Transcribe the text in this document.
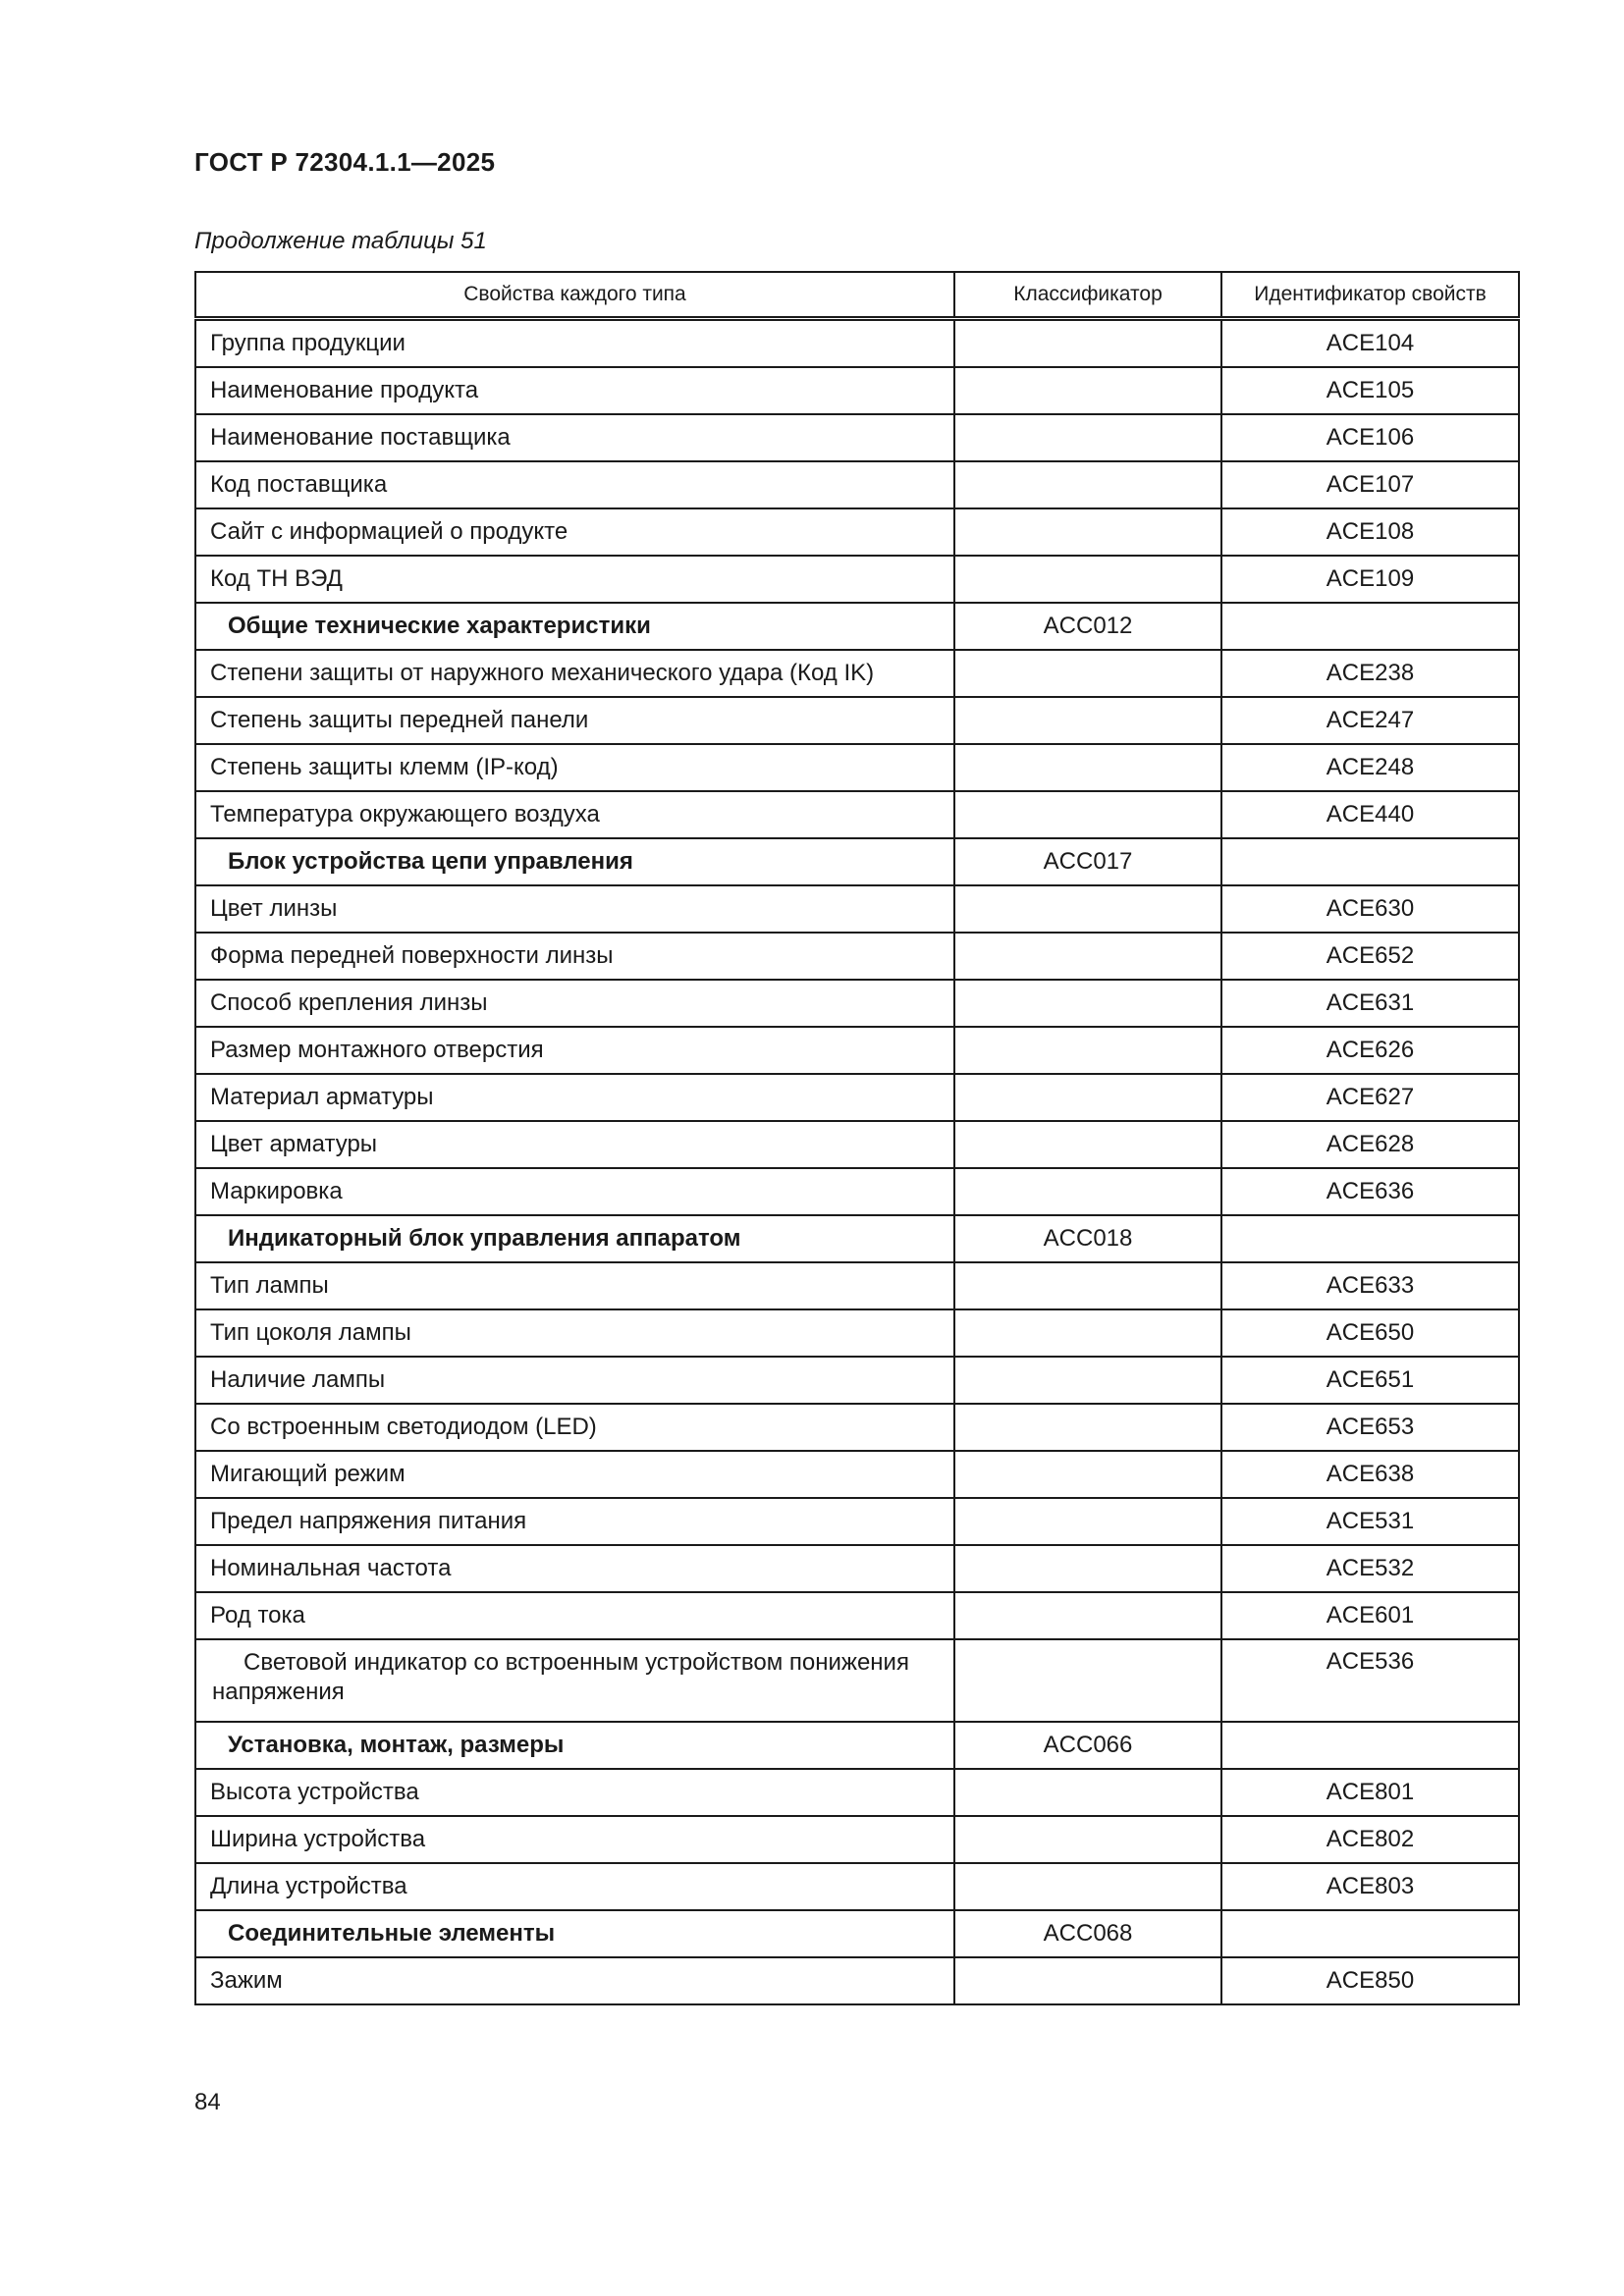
ГОСТ Р 72304.1.1—2025
Продолжение таблицы 51
Свойства каждого типа	Классификатор	Идентификатор свойств
Группа продукции		ACE104
Наименование продукта		ACE105
Наименование поставщика		ACE106
Код поставщика		ACE107
Сайт с информацией о продукте		ACE108
Код ТН ВЭД		ACE109
Общие технические характеристики	ACC012	
Степени защиты от наружного механического удара (Код IK)		ACE238
Степень защиты передней панели		ACE247
Степень защиты клемм (IP-код)		ACE248
Температура окружающего воздуха		ACE440
Блок устройства цепи управления	ACC017	
Цвет линзы		ACE630
Форма передней поверхности линзы		ACE652
Способ крепления линзы		ACE631
Размер монтажного отверстия		ACE626
Материал арматуры		ACE627
Цвет арматуры		ACE628
Маркировка		ACE636
Индикаторный блок управления аппаратом	ACC018	
Тип лампы		ACE633
Тип цоколя лампы		ACE650
Наличие лампы		ACE651
Со встроенным светодиодом (LED)		ACE653
Мигающий режим		ACE638
Предел напряжения питания		ACE531
Номинальная частота		ACE532
Род тока		ACE601
Световой индикатор со встроенным устройством понижения напряжения		ACE536
Установка, монтаж, размеры	ACC066	
Высота устройства		ACE801
Ширина устройства		ACE802
Длина устройства		ACE803
Соединительные элементы	ACC068	
Зажим		ACE850
84
